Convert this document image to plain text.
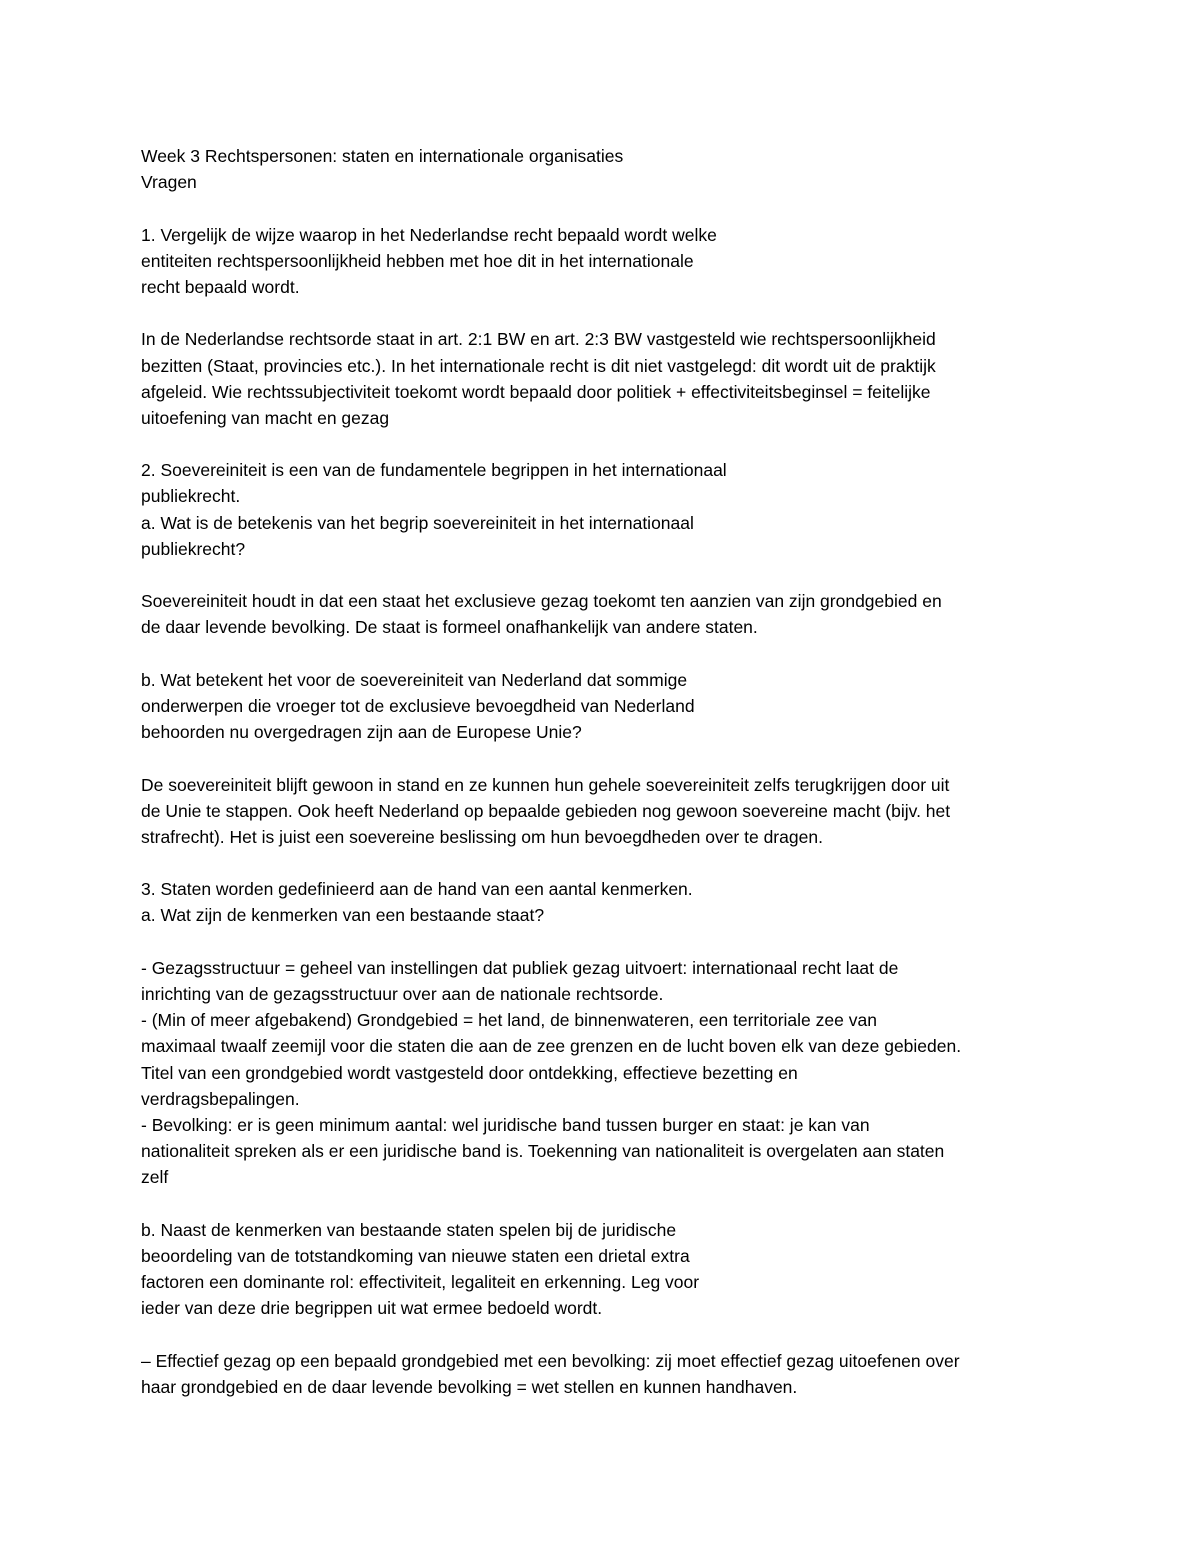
Week 3 Rechtspersonen: staten en internationale organisaties
Vragen
1. Vergelijk de wijze waarop in het Nederlandse recht bepaald wordt welke
entiteiten rechtspersoonlijkheid hebben met hoe dit in het internationale
recht bepaald wordt.
In de Nederlandse rechtsorde staat in art. 2:1 BW en art. 2:3 BW vastgesteld wie rechtspersoonlijkheid
bezitten (Staat, provincies etc.). In het internationale recht is dit niet vastgelegd: dit wordt uit de praktijk
afgeleid. Wie rechtssubjectiviteit toekomt wordt bepaald door politiek + effectiviteitsbeginsel = feitelijke
uitoefening van macht en gezag
2. Soevereiniteit is een van de fundamentele begrippen in het internationaal
publiekrecht.
a. Wat is de betekenis van het begrip soevereiniteit in het internationaal
publiekrecht?
Soevereiniteit houdt in dat een staat het exclusieve gezag toekomt ten aanzien van zijn grondgebied en
de daar levende bevolking. De staat is formeel onafhankelijk van andere staten.
b. Wat betekent het voor de soevereiniteit van Nederland dat sommige
onderwerpen die vroeger tot de exclusieve bevoegdheid van Nederland
behoorden nu overgedragen zijn aan de Europese Unie?
De soevereiniteit blijft gewoon in stand en ze kunnen hun gehele soevereiniteit zelfs terugkrijgen door uit
de Unie te stappen. Ook heeft Nederland op bepaalde gebieden nog gewoon soevereine macht (bijv. het
strafrecht). Het is juist een soevereine beslissing om hun bevoegdheden over te dragen.
3. Staten worden gedefinieerd aan de hand van een aantal kenmerken.
a. Wat zijn de kenmerken van een bestaande staat?
- Gezagsstructuur = geheel van instellingen dat publiek gezag uitvoert: internationaal recht laat de
inrichting van de gezagsstructuur over aan de nationale rechtsorde.
- (Min of meer afgebakend) Grondgebied = het land, de binnenwateren, een territoriale zee van
maximaal twaalf zeemijl voor die staten die aan de zee grenzen en de lucht boven elk van deze gebieden.
Titel van een grondgebied wordt vastgesteld door ontdekking, effectieve bezetting en
verdragsbepalingen.
- Bevolking: er is geen minimum aantal: wel juridische band tussen burger en staat: je kan van
nationaliteit spreken als er een juridische band is. Toekenning van nationaliteit is overgelaten aan staten
zelf
b. Naast de kenmerken van bestaande staten spelen bij de juridische
beoordeling van de totstandkoming van nieuwe staten een drietal extra
factoren een dominante rol: effectiviteit, legaliteit en erkenning. Leg voor
ieder van deze drie begrippen uit wat ermee bedoeld wordt.
– Effectief gezag op een bepaald grondgebied met een bevolking: zij moet effectief gezag uitoefenen over
haar grondgebied en de daar levende bevolking = wet stellen en kunnen handhaven.
